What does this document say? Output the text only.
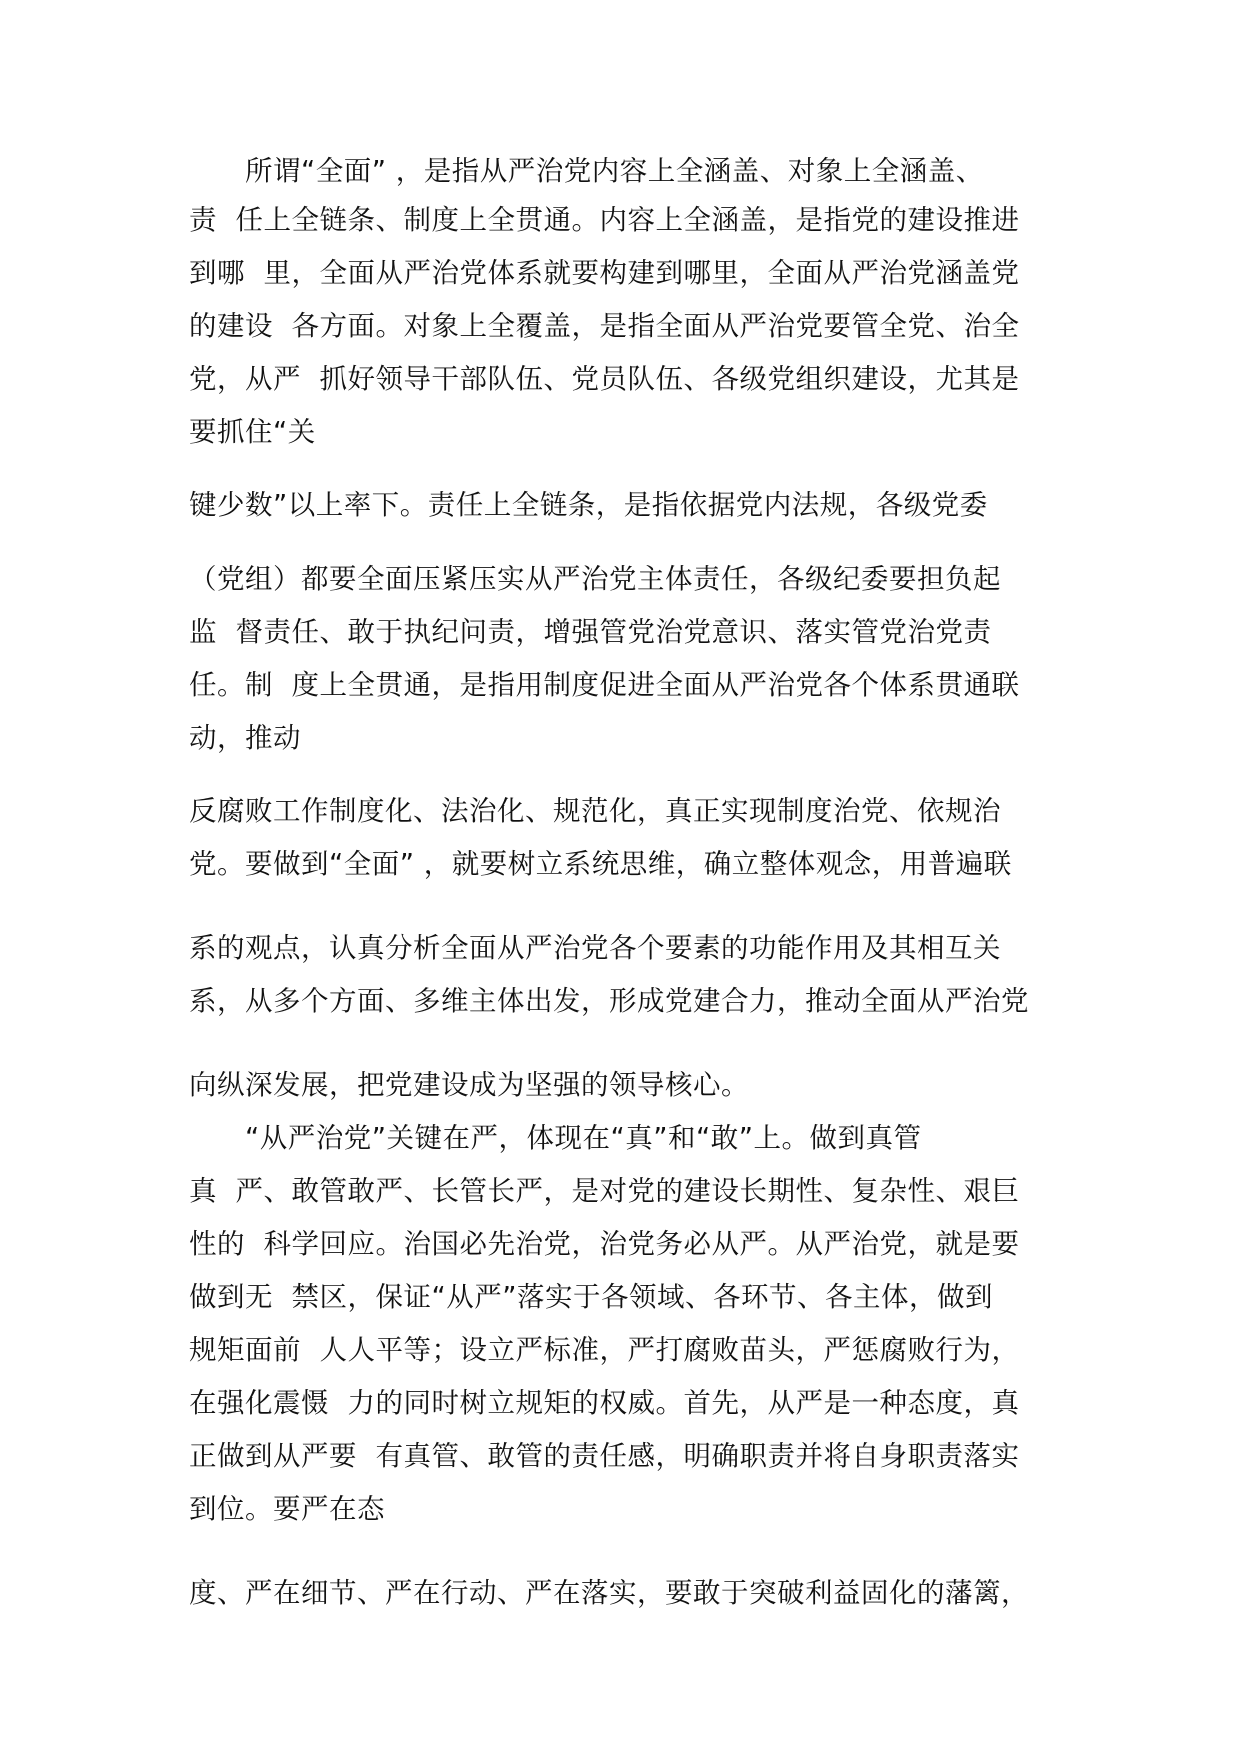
　　所谓“全面” ，是指从严治党内容上全涵盖、对象上全涵盖、
责  任上全链条、制度上全贯通。内容上全涵盖，是指党的建设推进
到哪  里，全面从严治党体系就要构建到哪里，全面从严治党涵盖党
的建设  各方面。对象上全覆盖，是指全面从严治党要管全党、治全
党，从严  抓好领导干部队伍、党员队伍、各级党组织建设，尤其是
要抓住“关
键少数”以上率下。责任上全链条，是指依据党内法规，各级党委
（党组）都要全面压紧压实从严治党主体责任，各级纪委要担负起
监  督责任、敢于执纪问责，增强管党治党意识、落实管党治党责
任。制  度上全贯通，是指用制度促进全面从严治党各个体系贯通联
动，推动
反腐败工作制度化、法治化、规范化，真正实现制度治党、依规治
党。要做到“全面” ，就要树立系统思维，确立整体观念，用普遍联
系的观点，认真分析全面从严治党各个要素的功能作用及其相互关
系，从多个方面、多维主体出发，形成党建合力，推动全面从严治党
向纵深发展，把党建设成为坚强的领导核心。
　　“从严治党”关键在严，体现在“真”和“敢”上。做到真管
真  严、敢管敢严、长管长严，是对党的建设长期性、复杂性、艰巨
性的  科学回应。治国必先治党，治党务必从严。从严治党，就是要
做到无  禁区，保证“从严”落实于各领域、各环节、各主体，做到
规矩面前  人人平等；设立严标准，严打腐败苗头，严惩腐败行为，
在强化震慑  力的同时树立规矩的权威。首先，从严是一种态度，真
正做到从严要  有真管、敢管的责任感，明确职责并将自身职责落实
到位。要严在态
度、严在细节、严在行动、严在落实，要敢于突破利益固化的藩篱，
